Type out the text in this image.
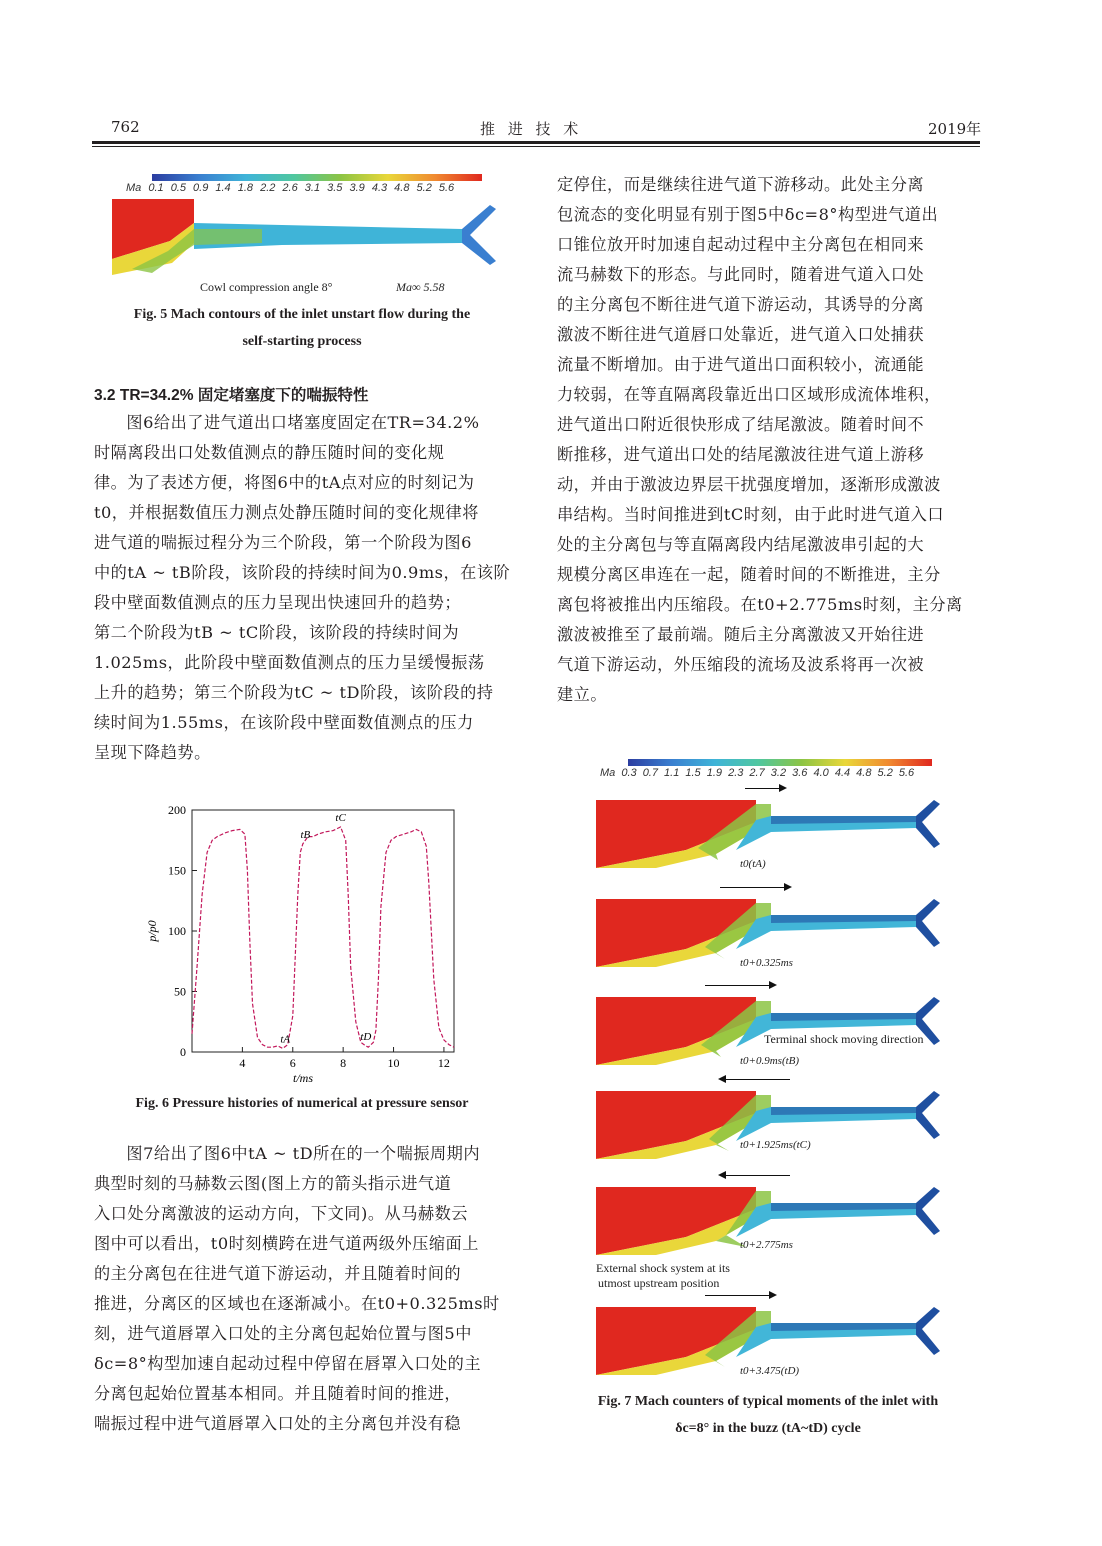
762	推 进 技 术	2019年
Ma 0.1 0.5 0.9 1.4 1.8 2.2 2.6 3.1 3.5 3.9 4.3 4.8 5.2 5.6
Cowl compression angle 8°	Ma∞ 5.58
Fig. 5 Mach contours of the inlet unstart flow during the
self-starting process
3.2 TR=34.2% 固定堵塞度下的喘振特性

图6给出了进气道出口堵塞度固定在TR=34.2%

时隔离段出口处数值测点的静压随时间的变化规

律。为了表述方便，将图6中的tA点对应的时刻记为

t0，并根据数值压力测点处静压随时间的变化规律将

进气道的喘振过程分为三个阶段，第一个阶段为图6

中的tA ~ tB阶段，该阶段的持续时间为0.9ms，在该阶

段中壁面数值测点的压力呈现出快速回升的趋势；

第二个阶段为tB ~ tC阶段，该阶段的持续时间为

1.025ms，此阶段中壁面数值测点的压力呈缓慢振荡

上升的趋势；第三个阶段为tC ~ tD阶段，该阶段的持

续时间为1.55ms，在该阶段中壁面数值测点的压力

呈现下降趋势。

0
50
100
150
200
4	6	8	10	12
tA
tB
tC
tD
p/p0
t/ms
Fig. 6 Pressure histories of numerical at pressure sensor

图7给出了图6中tA ~ tD所在的一个喘振周期内

典型时刻的马赫数云图(图上方的箭头指示进气道

入口处分离激波的运动方向，下文同)。从马赫数云

图中可以看出，t0时刻横跨在进气道两级外压缩面上

的主分离包在往进气道下游运动，并且随着时间的

推进，分离区的区域也在逐渐减小。在t0+0.325ms时

刻，进气道唇罩入口处的主分离包起始位置与图5中

δc=8°构型加速自起动过程中停留在唇罩入口处的主

分离包起始位置基本相同。并且随着时间的推进，

喘振过程中进气道唇罩入口处的主分离包并没有稳

定停住，而是继续往进气道下游移动。此处主分离

包流态的变化明显有别于图5中δc=8°构型进气道出

口锥位放开时加速自起动过程中主分离包在相同来

流马赫数下的形态。与此同时，随着进气道入口处

的主分离包不断往进气道下游运动，其诱导的分离

激波不断往进气道唇口处靠近，进气道入口处捕获

流量不断增加。由于进气道出口面积较小，流通能

力较弱，在等直隔离段靠近出口区域形成流体堆积，

进气道出口附近很快形成了结尾激波。随着时间不

断推移，进气道出口处的结尾激波往进气道上游移

动，并由于激波边界层干扰强度增加，逐渐形成激波

串结构。当时间推进到tC时刻，由于此时进气道入口

处的主分离包与等直隔离段内结尾激波串引起的大

规模分离区串连在一起，随着时间的不断推进，主分

离包将被推出内压缩段。在t0+2.775ms时刻，主分离

激波被推至了最前端。随后主分离激波又开始往进

气道下游运动，外压缩段的流场及波系将再一次被

建立。

Ma 0.3 0.7 1.1 1.5 1.9 2.3 2.7 3.2 3.6 4.0 4.4 4.8 5.2 5.6
t0(tA)
t0+0.325ms
t0+0.9ms(tB)
t0+1.925ms(tC)
t0+2.775ms
t0+3.475(tD)
Terminal shock moving direction
External shock system at its
utmost upstream position
Fig. 7 Mach counters of typical moments of the inlet with
δc=8° in the buzz (tA~tD) cycle
